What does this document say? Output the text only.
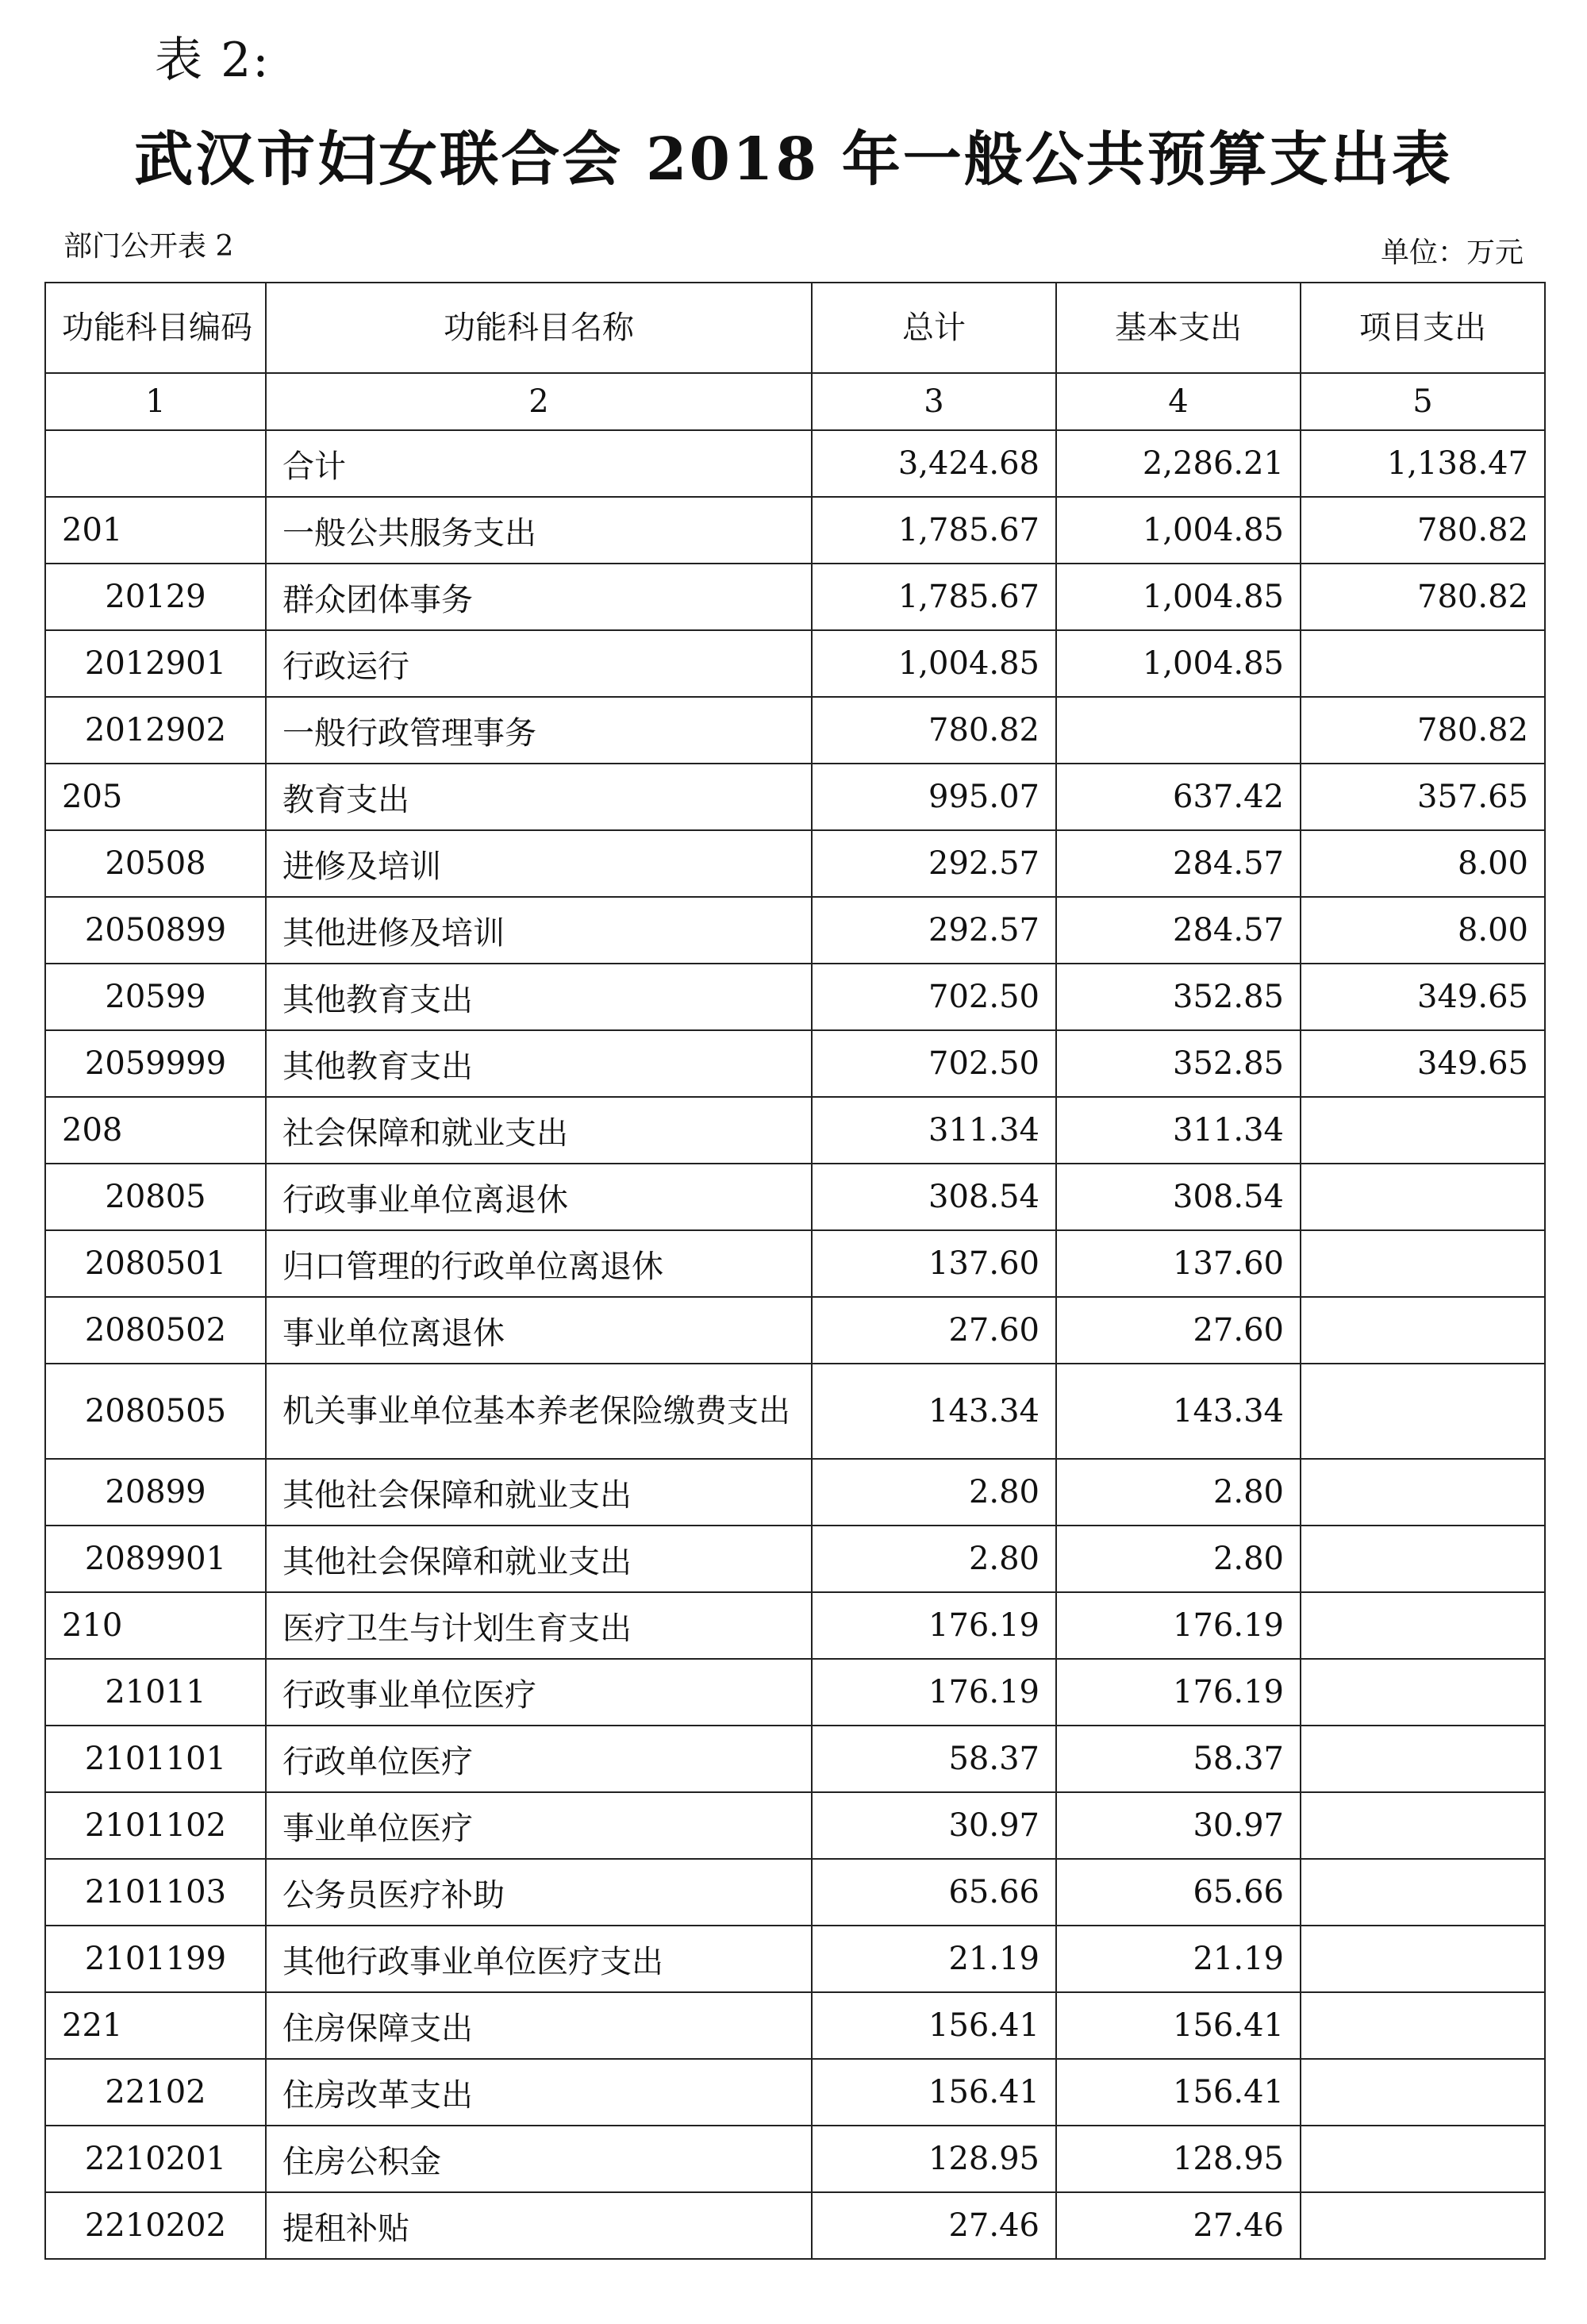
表 2:
武汉市妇女联合会 2018 年一般公共预算支出表
部门公开表 2	单位：万元
功能科目编码	功能科目名称	总计	基本支出	项目支出
1	2	3	4	5
	合计	3,424.68	2,286.21	1,138.47
201	一般公共服务支出	1,785.67	1,004.85	780.82
20129	群众团体事务	1,785.67	1,004.85	780.82
2012901	行政运行	1,004.85	1,004.85	
2012902	一般行政管理事务	780.82		780.82
205	教育支出	995.07	637.42	357.65
20508	进修及培训	292.57	284.57	8.00
2050899	其他进修及培训	292.57	284.57	8.00
20599	其他教育支出	702.50	352.85	349.65
2059999	其他教育支出	702.50	352.85	349.65
208	社会保障和就业支出	311.34	311.34	
20805	行政事业单位离退休	308.54	308.54	
2080501	归口管理的行政单位离退休	137.60	137.60	
2080502	事业单位离退休	27.60	27.60	
2080505	机关事业单位基本养老保险缴费支出	143.34	143.34	
20899	其他社会保障和就业支出	2.80	2.80	
2089901	其他社会保障和就业支出	2.80	2.80	
210	医疗卫生与计划生育支出	176.19	176.19	
21011	行政事业单位医疗	176.19	176.19	
2101101	行政单位医疗	58.37	58.37	
2101102	事业单位医疗	30.97	30.97	
2101103	公务员医疗补助	65.66	65.66	
2101199	其他行政事业单位医疗支出	21.19	21.19	
221	住房保障支出	156.41	156.41	
22102	住房改革支出	156.41	156.41	
2210201	住房公积金	128.95	128.95	
2210202	提租补贴	27.46	27.46	
